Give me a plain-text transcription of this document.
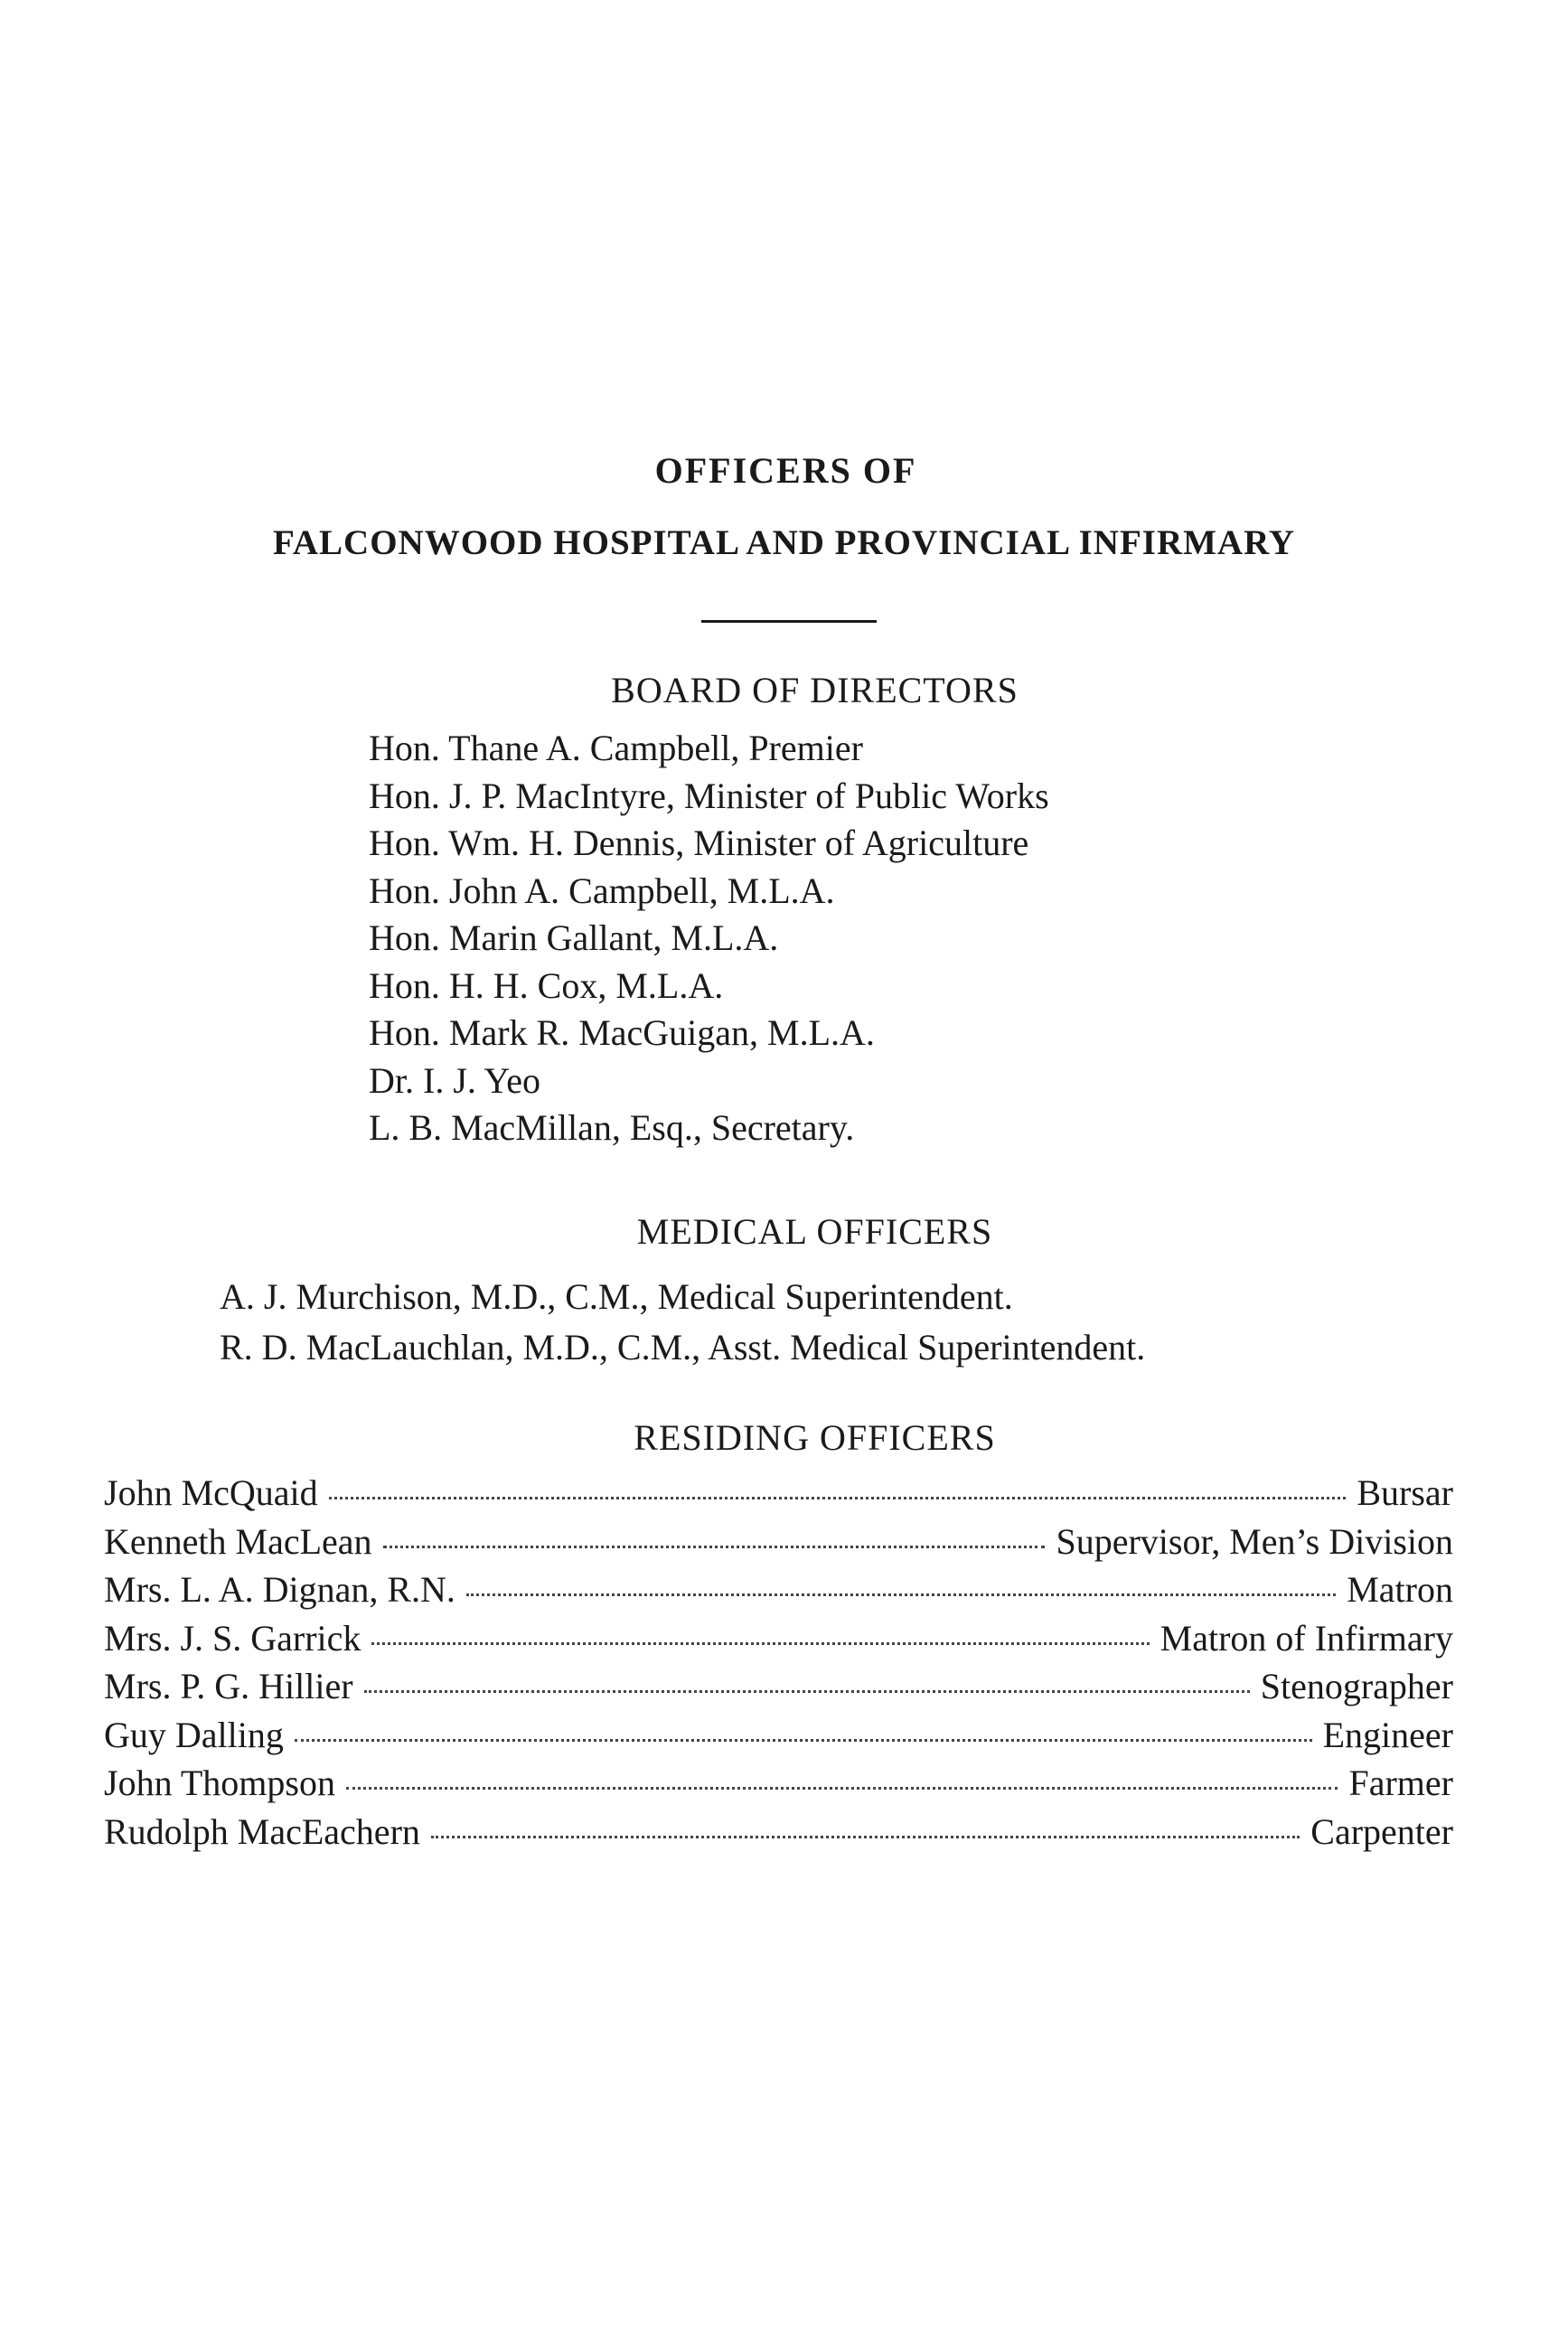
OFFICERS OF
FALCONWOOD HOSPITAL AND PROVINCIAL INFIRMARY
BOARD OF DIRECTORS
Hon. Thane A. Campbell, Premier
Hon. J. P. MacIntyre, Minister of Public Works
Hon. Wm. H. Dennis, Minister of Agriculture
Hon. John A. Campbell, M.L.A.
Hon. Marin Gallant, M.L.A.
Hon. H. H. Cox, M.L.A.
Hon. Mark R. MacGuigan, M.L.A.
Dr. I. J. Yeo
L. B. MacMillan, Esq., Secretary.
MEDICAL OFFICERS
A. J. Murchison, M.D., C.M., Medical Superintendent.
R. D. MacLauchlan, M.D., C.M., Asst. Medical Superintendent.
RESIDING OFFICERS
John McQuaid	Bursar
Kenneth MacLean	Supervisor, Men’s Division
Mrs. L. A. Dignan, R.N.	Matron
Mrs. J. S. Garrick	Matron of Infirmary
Mrs. P. G. Hillier	Stenographer
Guy Dalling	Engineer
John Thompson	Farmer
Rudolph MacEachern	Carpenter
